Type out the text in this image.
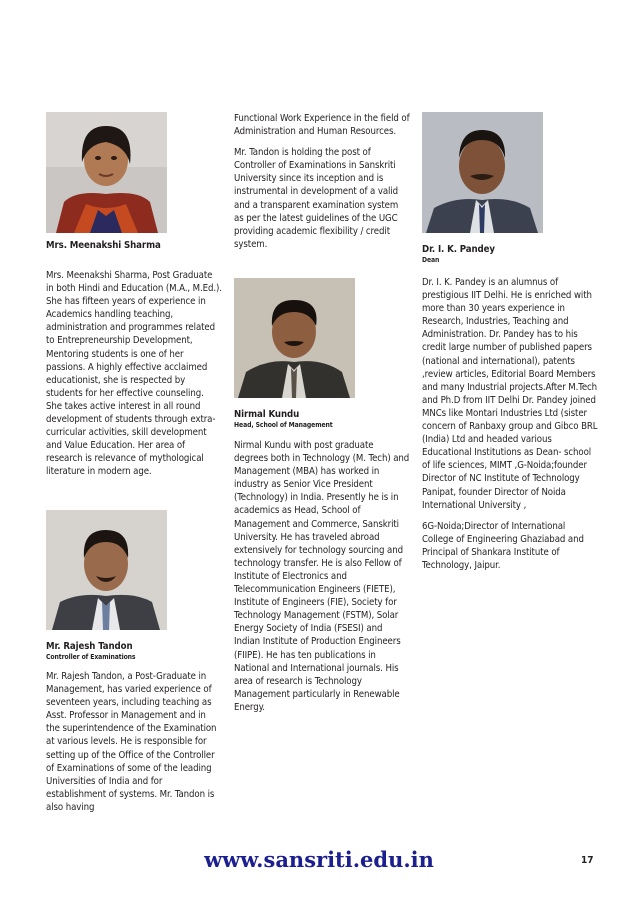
Mrs. Meenakshi Sharma

Mrs. Meenakshi Sharma, Post Graduate in both Hindi and Education (M.A., M.Ed.). She has fifteen years of experience in Academics handling teaching, administration and programmes related to Entrepreneurship Development, Mentoring students is one of her passions. A highly effective acclaimed educationist, she is respected by students for her effective counseling. She takes active interest in all round development of students through extra-curricular activities, skill development and Value Education. Her area of research is relevance of mythological literature in modern age.

Mr. Rajesh Tandon
Controller of Examinations

Mr. Rajesh Tandon, a Post-Graduate in Management, has varied experience of seventeen years, including teaching as Asst. Professor in Management and in the superintendence of the Examination at various levels. He is responsible for setting up of the Office of the Controller of Examinations of some of the leading Universities of India and for establishment of systems. Mr. Tandon is also having

Functional Work Experience in the field of Administration and Human Resources.

Mr. Tandon is holding the post of Controller of Examinations in Sanskriti University since its inception and is instrumental in development of a valid and a transparent examination system as per the latest guidelines of the UGC providing academic flexibility / credit system.

Nirmal Kundu
Head, School of Management

Nirmal Kundu with post graduate degrees both in Technology (M. Tech) and Management (MBA) has worked in industry as Senior Vice President (Technology) in India. Presently he is in academics as Head, School of Management and Commerce, Sanskriti University. He has traveled abroad extensively for technology sourcing and technology transfer. He is also Fellow of Institute of Electronics and Telecommunication Engineers (FIETE), Institute of Engineers (FIE), Society for Technology Management (FSTM), Solar Energy Society of India (FSESI) and Indian Institute of Production Engineers (FIIPE). He has ten publications in National and International journals. His area of research is Technology Management particularly in Renewable Energy.

Dr. I. K. Pandey
Dean

Dr. I. K. Pandey is an alumnus of prestigious IIT Delhi. He is enriched with more than 30 years experience in Research, Industries, Teaching and Administration. Dr. Pandey has to his credit large number of published papers (national and international), patents ,review articles, Editorial Board Members and many Industrial projects.After M.Tech and Ph.D from IIT Delhi Dr. Pandey joined MNCs like Montari Industries Ltd (sister concern of Ranbaxy group and Gibco BRL (India) Ltd and headed various Educational Institutions as Dean- school of life sciences, MIMT ,G-Noida;founder Director of NC Institute of Technology Panipat, founder Director of Noida International University ,

6G-Noida;Director of International College of Engineering Ghaziabad and Principal of Shankara Institute of Technology, Jaipur.

www.sansriti.edu.in	17
